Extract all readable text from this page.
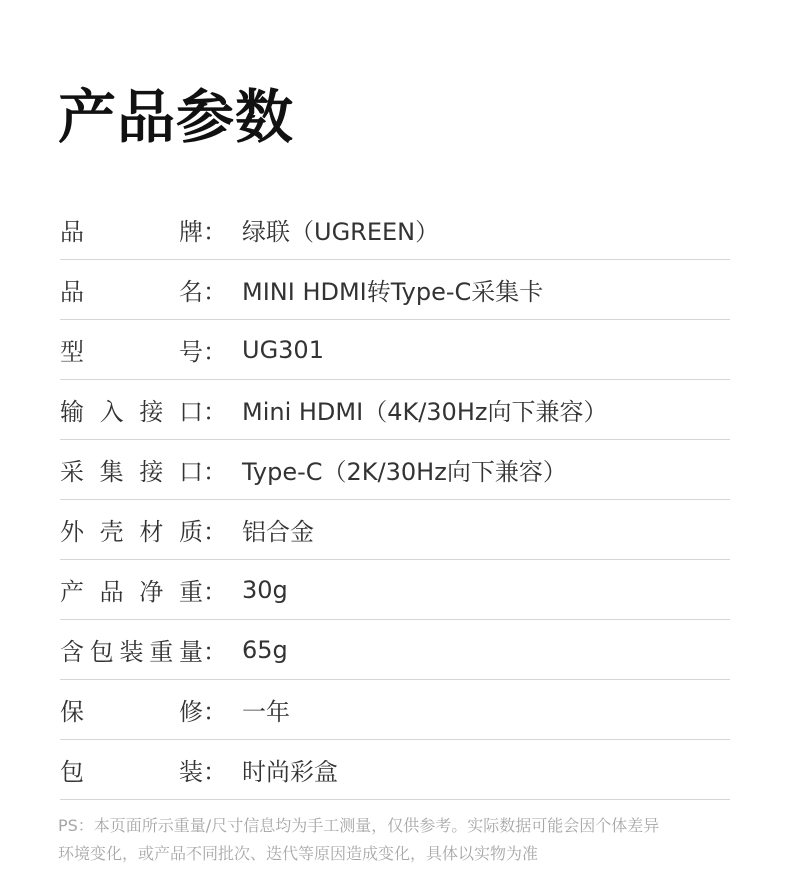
产品参数
品	牌 ： 绿联（UGREEN）
品	名 ： MINI HDMI转Type-C采集卡
型	号 ： UG301
输 入 接 口 ： Mini HDMI（4K/30Hz向下兼容）
采 集 接 口 ： Type-C（2K/30Hz向下兼容）
外 壳 材 质 ： 铝合金
产 品 净 重 ： 30g
含 包 装 重 量 ： 65g
保	修 ： 一年
包	装 ： 时尚彩盒
PS：本页面所示重量/尺寸信息均为手工测量，仅供参考。实际数据可能会因个体差异
环境变化，或产品不同批次、迭代等原因造成变化，具体以实物为准
